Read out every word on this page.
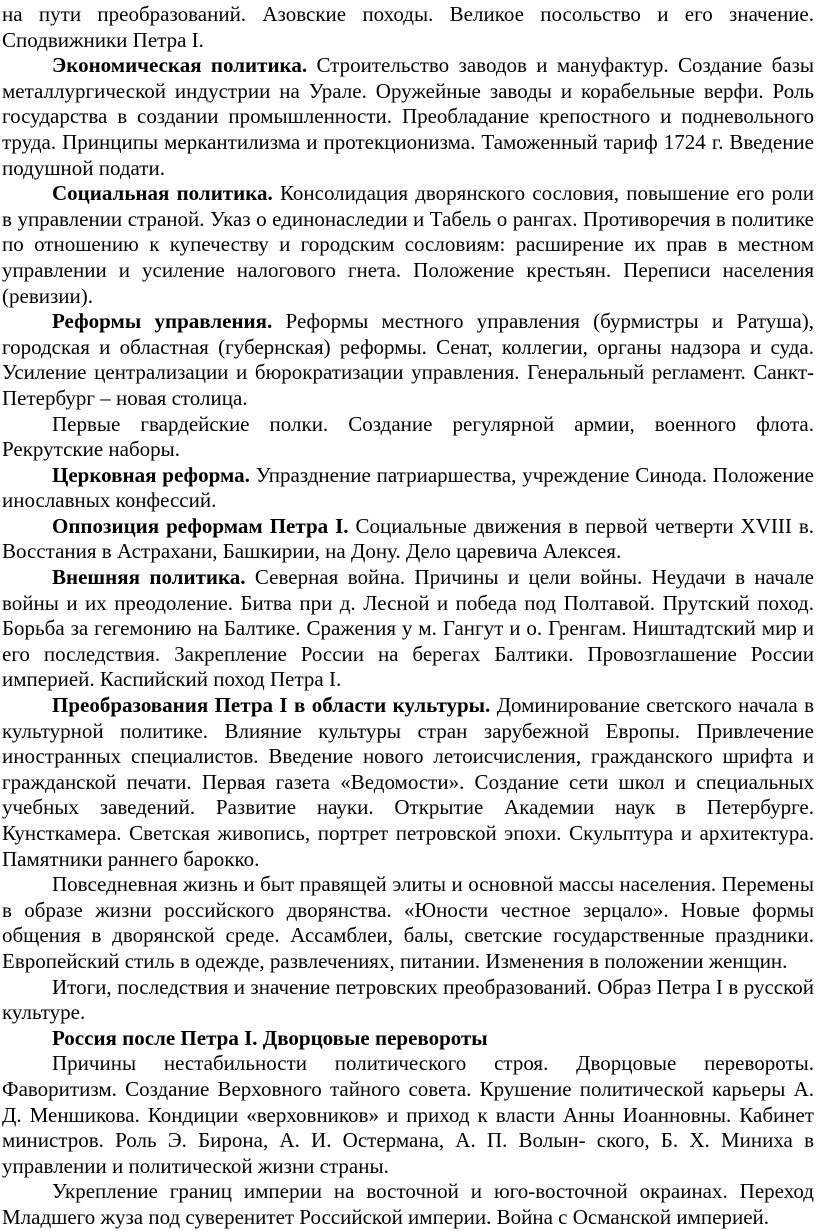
на пути преобразований. Азовские походы. Великое посольство и его значение. Сподвижники Петра I.

Экономическая политика. Строительство заводов и мануфактур. Создание базы металлургической индустрии на Урале. Оружейные заводы и корабельные верфи. Роль государства в создании промышленности. Преобладание крепостного и подневольного труда. Принципы меркантилизма и протекционизма. Таможенный тариф 1724 г. Введение подушной подати.

Социальная политика. Консолидация дворянского сословия, повышение его роли в управлении страной. Указ о единонаследии и Табель о рангах. Противоречия в политике по отношению к купечеству и городским сословиям: расширение их прав в местном управлении и усиление налогового гнета. Положение крестьян. Переписи населения (ревизии).

Реформы управления. Реформы местного управления (бурмистры и Ратуша), городская и областная (губернская) реформы. Сенат, коллегии, органы надзора и суда. Усиление централизации и бюрократизации управления. Генеральный регламент. Санкт-Петербург – новая столица.

Первые гвардейские полки. Создание регулярной армии, военного флота. Рекрутские наборы.

Церковная реформа. Упразднение патриаршества, учреждение Синода. Положение инославных конфессий.

Оппозиция реформам Петра I. Социальные движения в первой четверти XVIII в. Восстания в Астрахани, Башкирии, на Дону. Дело царевича Алексея.

Внешняя политика. Северная война. Причины и цели войны. Неудачи в начале войны и их преодоление. Битва при д. Лесной и победа под Полтавой. Прутский поход. Борьба за гегемонию на Балтике. Сражения у м. Гангут и о. Гренгам. Ништадтский мир и его последствия. Закрепление России на берегах Балтики. Провозглашение России империей. Каспийский поход Петра I.

Преобразования Петра I в области культуры. Доминирование светского начала в культурной политике. Влияние культуры стран зарубежной Европы. Привлечение иностранных специалистов. Введение нового летоисчисления, гражданского шрифта и гражданской печати. Первая газета «Ведомости». Создание сети школ и специальных учебных заведений. Развитие науки. Открытие Академии наук в Петербурге. Кунсткамера. Светская живопись, портрет петровской эпохи. Скульптура и архитектура. Памятники раннего барокко.

Повседневная жизнь и быт правящей элиты и основной массы населения. Перемены в образе жизни российского дворянства. «Юности честное зерцало». Новые формы общения в дворянской среде. Ассамблеи, балы, светские государственные праздники. Европейский стиль в одежде, развлечениях, питании. Изменения в положении женщин.

Итоги, последствия и значение петровских преобразований. Образ Петра I в русской культуре.

Россия после Петра I. Дворцовые перевороты

Причины нестабильности политического строя. Дворцовые перевороты. Фаворитизм. Создание Верховного тайного совета. Крушение политической карьеры А. Д. Меншикова. Кондиции «верховников» и приход к власти Анны Иоанновны. Кабинет министров. Роль Э. Бирона, А. И. Остермана, А. П. Волын- ского, Б. Х. Миниха в управлении и политической жизни страны.

Укрепление границ империи на восточной и юго-восточной окраинах. Переход Младшего жуза под суверенитет Российской империи. Война с Османской империей.
